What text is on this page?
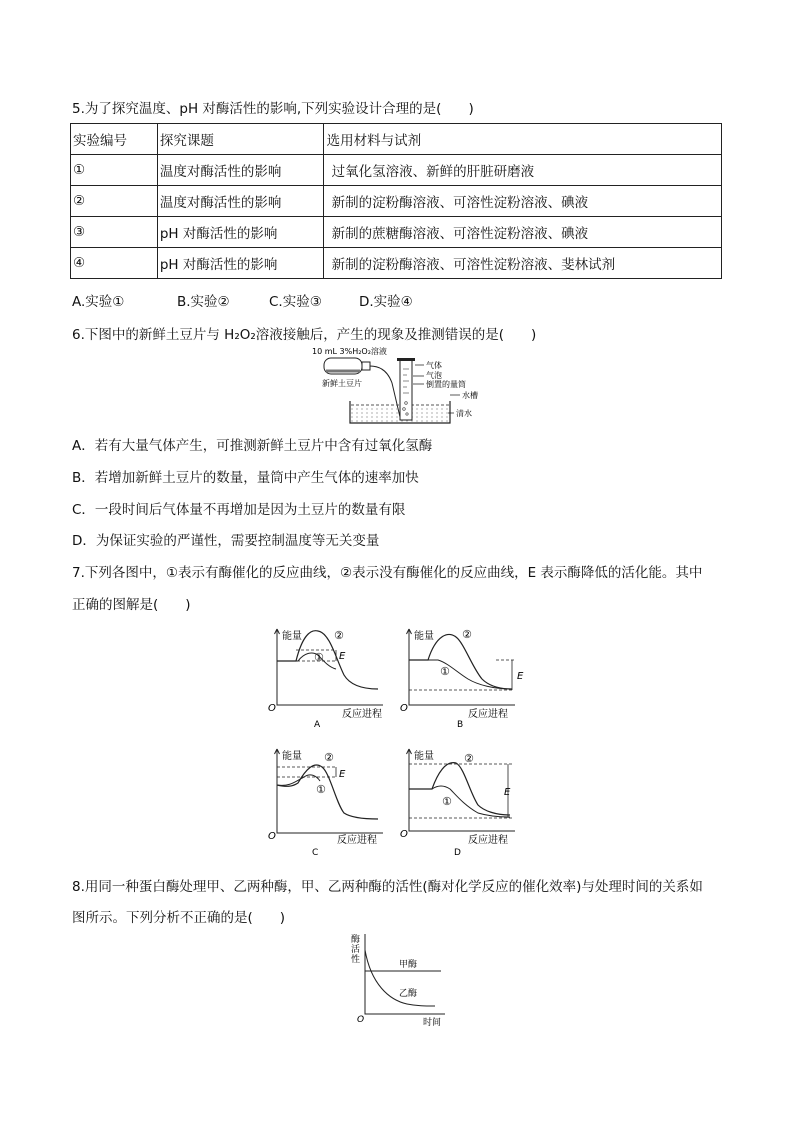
5.为了探究温度、pH 对酶活性的影响,下列实验设计合理的是(　　)
实验编号	探究课题	选用材料与试剂
①	温度对酶活性的影响	过氧化氢溶液、新鲜的肝脏研磨液
②	温度对酶活性的影响	新制的淀粉酶溶液、可溶性淀粉溶液、碘液
③	pH 对酶活性的影响	新制的蔗糖酶溶液、可溶性淀粉溶液、碘液
④	pH 对酶活性的影响	新制的淀粉酶溶液、可溶性淀粉溶液、斐林试剂
A.实验①	B.实验②	C.实验③	D.实验④
6.下图中的新鲜土豆片与 H₂O₂溶液接触后，产生的现象及推测错误的是(　　)
10 mL 3%H₂O₂溶液
新鲜土豆片
气体
气泡
倒置的量筒
水槽
清水
A．若有大量气体产生，可推测新鲜土豆片中含有过氧化氢酶
B．若增加新鲜土豆片的数量，量筒中产生气体的速率加快
C．一段时间后气体量不再增加是因为土豆片的数量有限
D．为保证实验的严谨性，需要控制温度等无关变量
7.下列各图中，①表示有酶催化的反应曲线，②表示没有酶催化的反应曲线，E 表示酶降低的活化能。其中
正确的图解是(　　)
能量
O
反应进程
A
②
① E
能量
O
反应进程
B
②
①	E
能量
O	反应进程
C
②
①
E
能量
O
反应进程
D
②
①
E
8.用同一种蛋白酶处理甲、乙两种酶，甲、乙两种酶的活性(酶对化学反应的催化效率)与处理时间的关系如
图所示。下列分析不正确的是(　　)
酶
活
性
O	时间
甲酶
乙酶
